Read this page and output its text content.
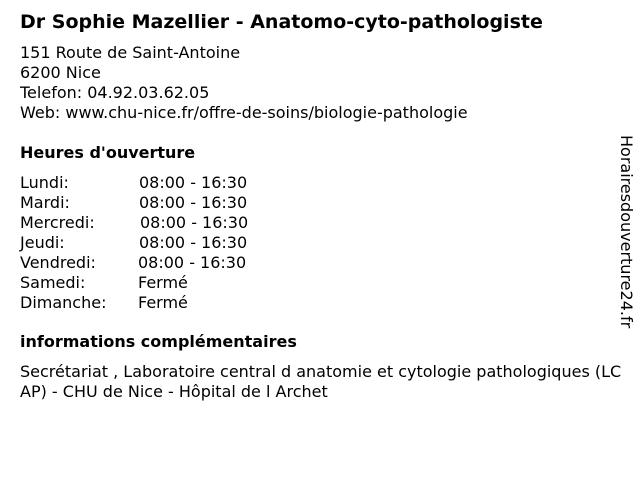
Dr Sophie Mazellier - Anatomo-cyto-pathologiste
151 Route de Saint-Antoine
6200 Nice
Telefon: 04.92.03.62.05
Web: www.chu-nice.fr/offre-de-soins/biologie-pathologie
Heures d'ouverture
Lundi:	08:00 - 16:30
Mardi:	08:00 - 16:30
Mercredi:	08:00 - 16:30
Jeudi:	08:00 - 16:30
Vendredi:	08:00 - 16:30
Samedi:	Fermé
Dimanche: Fermé
informations complémentaires
Secrétariat , Laboratoire central d anatomie et cytologie pathologiques (LCAP) - CHU de Nice - Hôpital de l Archet
Horairesdouverture24.fr
